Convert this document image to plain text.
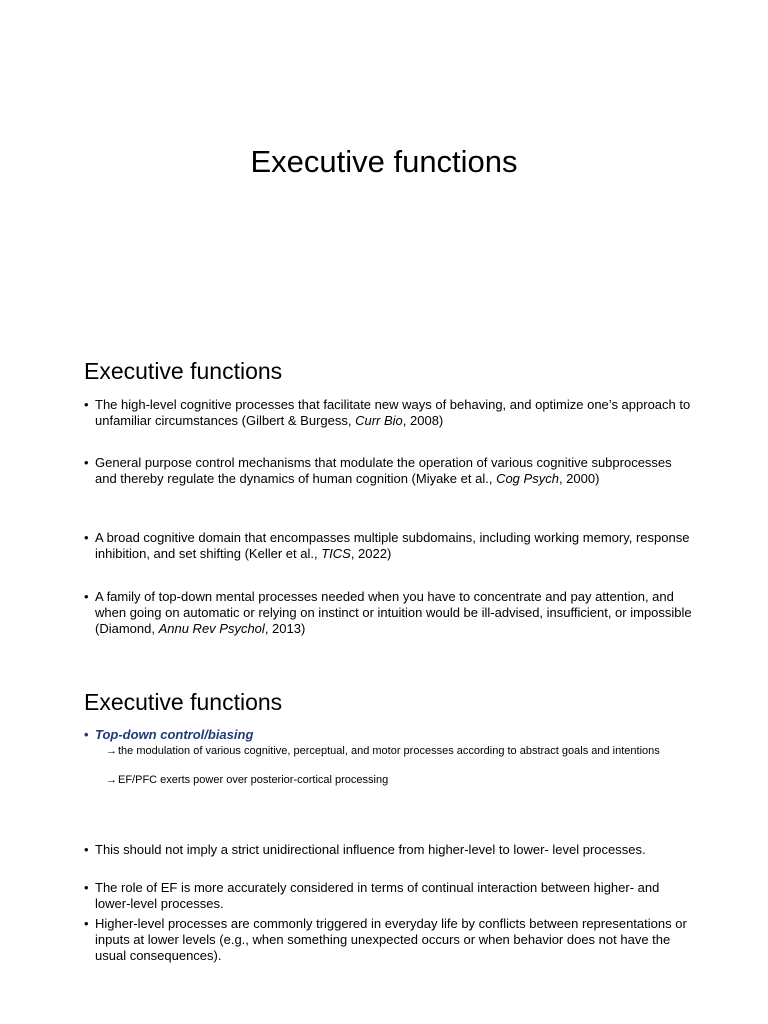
Executive functions
Executive functions
• The high-level cognitive processes that facilitate new ways of behaving, and optimize one’s approach to unfamiliar circumstances (Gilbert & Burgess, Curr Bio, 2008)
• General purpose control mechanisms that modulate the operation of various cognitive subprocesses and thereby regulate the dynamics of human cognition (Miyake et al., Cog Psych, 2000)
• A broad cognitive domain that encompasses multiple subdomains, including working memory, response inhibition, and set shifting (Keller et al., TICS, 2022)
• A family of top-down mental processes needed when you have to concentrate and pay attention, and when going on automatic or relying on instinct or intuition would be ill-advised, insufficient, or impossible (Diamond, Annu Rev Psychol, 2013)
Executive functions
• Top-down control/biasing
→ the modulation of various cognitive, perceptual, and motor processes according to abstract goals and intentions
→ EF/PFC exerts power over posterior-cortical processing
• This should not imply a strict unidirectional influence from higher-level to lower- level processes.
• The role of EF is more accurately considered in terms of continual interaction between higher- and lower-level processes.
• Higher-level processes are commonly triggered in everyday life by conflicts between representations or inputs at lower levels (e.g., when something unexpected occurs or when behavior does not have the usual consequences).
